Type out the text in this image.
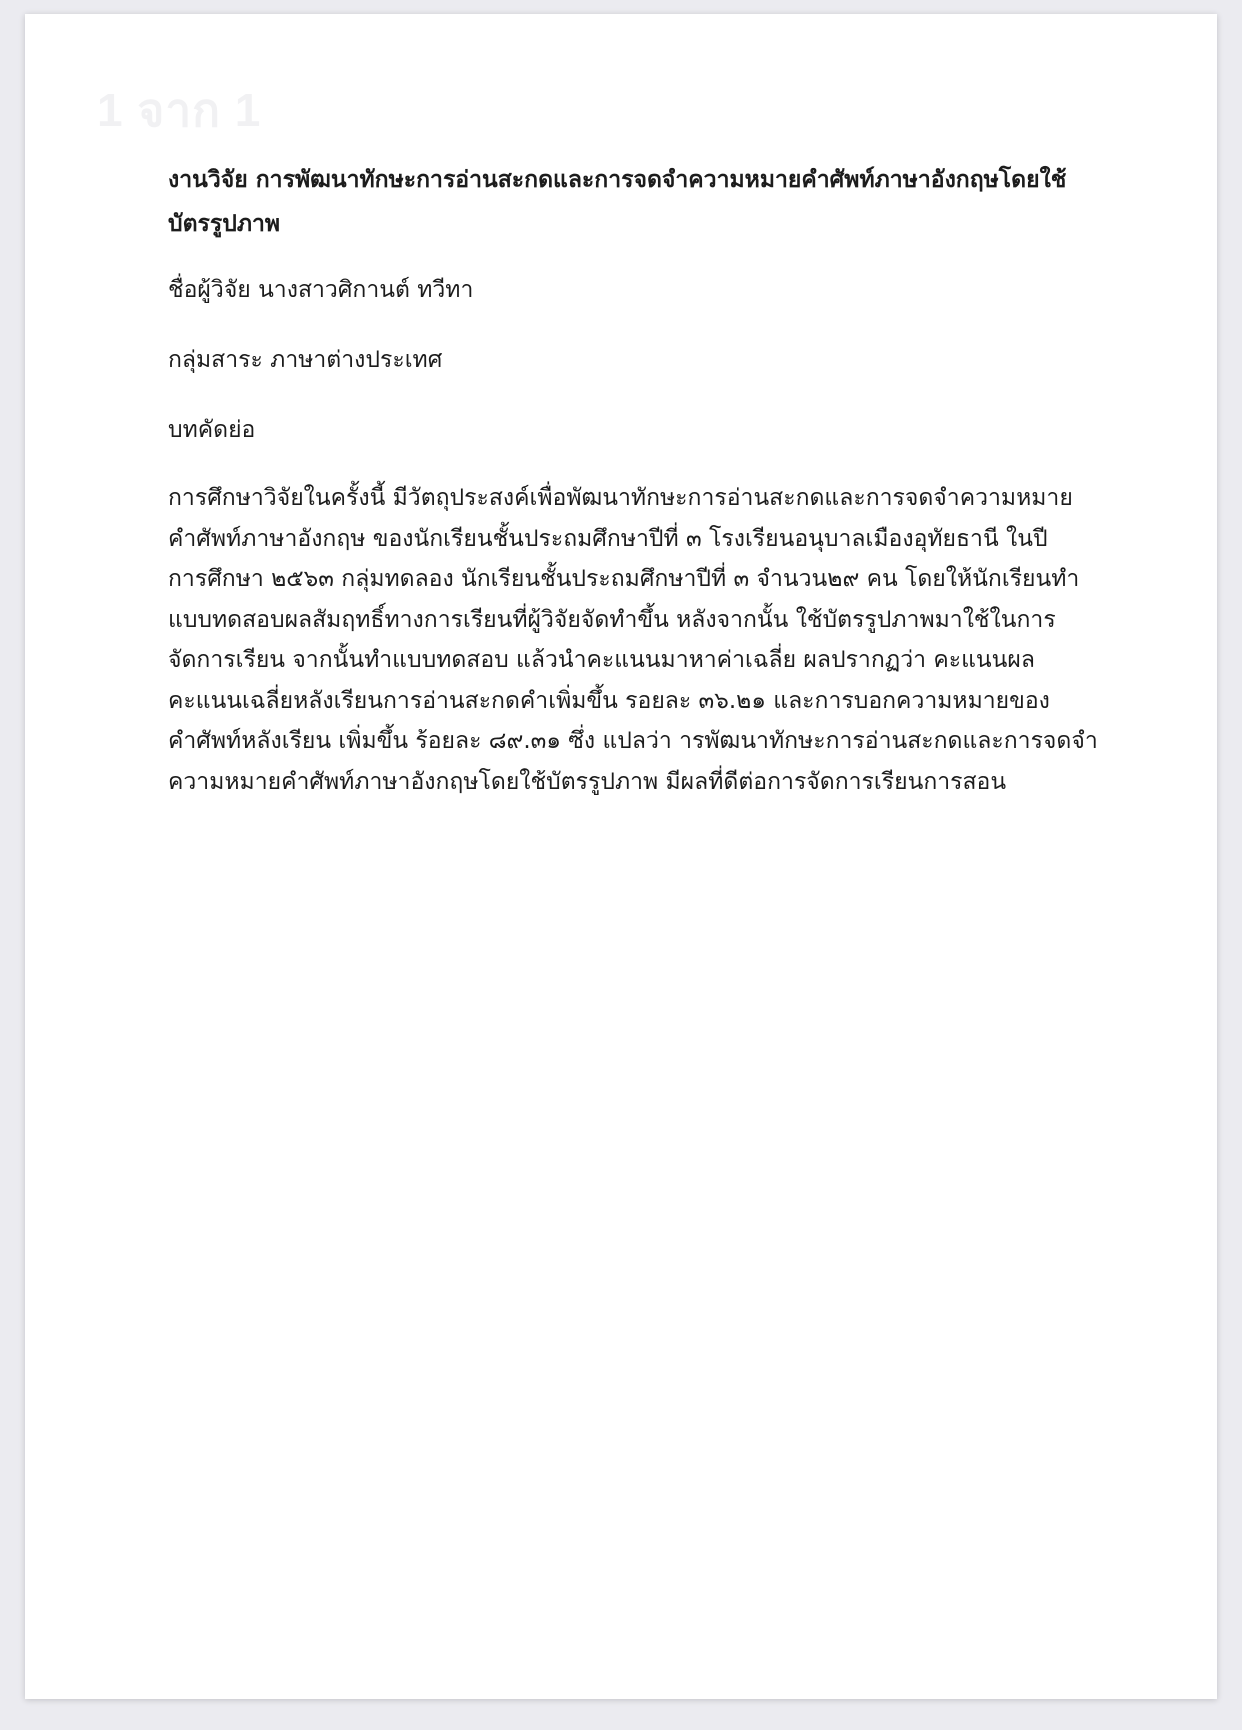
1 จาก 1

งานวิจัย การพัฒนาทักษะการอ่านสะกดและการจดจำความหมายคำศัพท์ภาษาอังกฤษโดยใช้บัตรรูปภาพ

ชื่อผู้วิจัย นางสาวศิกานต์ ทวีทา

กลุ่มสาระ ภาษาต่างประเทศ

บทคัดย่อ

การศึกษาวิจัยในครั้งนี้ มีวัตถุประสงค์เพื่อพัฒนาทักษะการอ่านสะกดและการจดจำความหมาย
คำศัพท์ภาษาอังกฤษ ของนักเรียนชั้นประถมศึกษาปีที่ ๓ โรงเรียนอนุบาลเมืองอุทัยธานี ในปี
การศึกษา ๒๕๖๓ กลุ่มทดลอง นักเรียนชั้นประถมศึกษาปีที่ ๓ จำนวน๒๙ คน โดยให้นักเรียนทำ
แบบทดสอบผลสัมฤทธิ์ทางการเรียนที่ผู้วิจัยจัดทำขึ้น หลังจากนั้น ใช้บัตรรูปภาพมาใช้ในการ
จัดการเรียน จากนั้นทำแบบทดสอบ แล้วนำคะแนนมาหาค่าเฉลี่ย ผลปรากฏว่า คะแนนผล
คะแนนเฉลี่ยหลังเรียนการอ่านสะกดคำเพิ่มขึ้น รอยละ ๓๖.๒๑ และการบอกความหมายของ
คำศัพท์หลังเรียน เพิ่มขึ้น ร้อยละ ๘๙.๓๑ ซึ่ง แปลว่า ารพัฒนาทักษะการอ่านสะกดและการจดจำ
ความหมายคำศัพท์ภาษาอังกฤษโดยใช้บัตรรูปภาพ มีผลที่ดีต่อการจัดการเรียนการสอน
